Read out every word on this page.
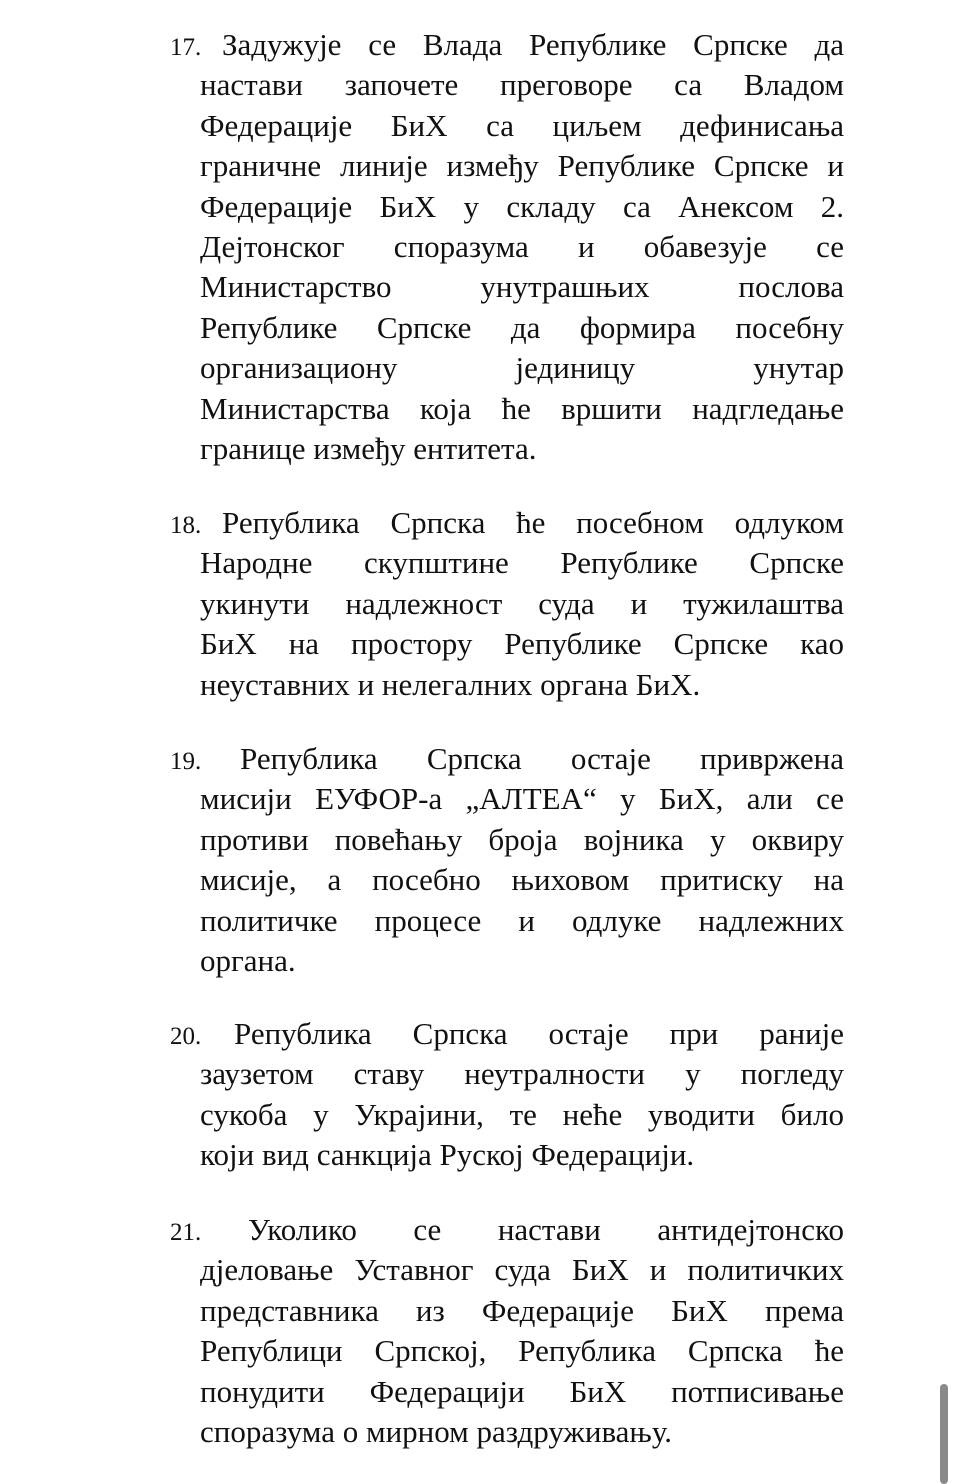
17. Задужује се Влада Републике Српске да
настави започете преговоре са Владом
Федерације БиХ са циљем дефинисања
граничне линије између Републике Српске и
Федерације БиХ у складу са Анексом 2.
Дејтонског споразума и обавезује се
Министарство унутрашњих послова
Републике Српске да формира посебну
организациону јединицу унутар
Министарства која ће вршити надгледање
границе између ентитета.
18. Република Српска ће посебном одлуком
Народне скупштине Републике Српске
укинути надлежност суда и тужилаштва
БиХ на простору Републике Српске као
неуставних и нелегалних органа БиХ.
19.	Република Српска остаје привржена
мисији ЕУФОР-а „АЛТЕА“ у БиХ, али се
противи повећању броја војника у оквиру
мисије, а посебно њиховом притиску на
политичке процесе и одлуке надлежних
органа.
20.	Република Српска остаје при раније
заузетом ставу неутралности у погледу
сукоба у Украјини, те неће уводити било
који вид санкција Руској Федерацији.
21.	Уколико се настави антидејтонско
дјеловање Уставног суда БиХ и политичких
представника из Федерације БиХ према
Републици Српској, Република Српска ће
понудити Федерацији БиХ потписивање
споразума о мирном раздруживању.
